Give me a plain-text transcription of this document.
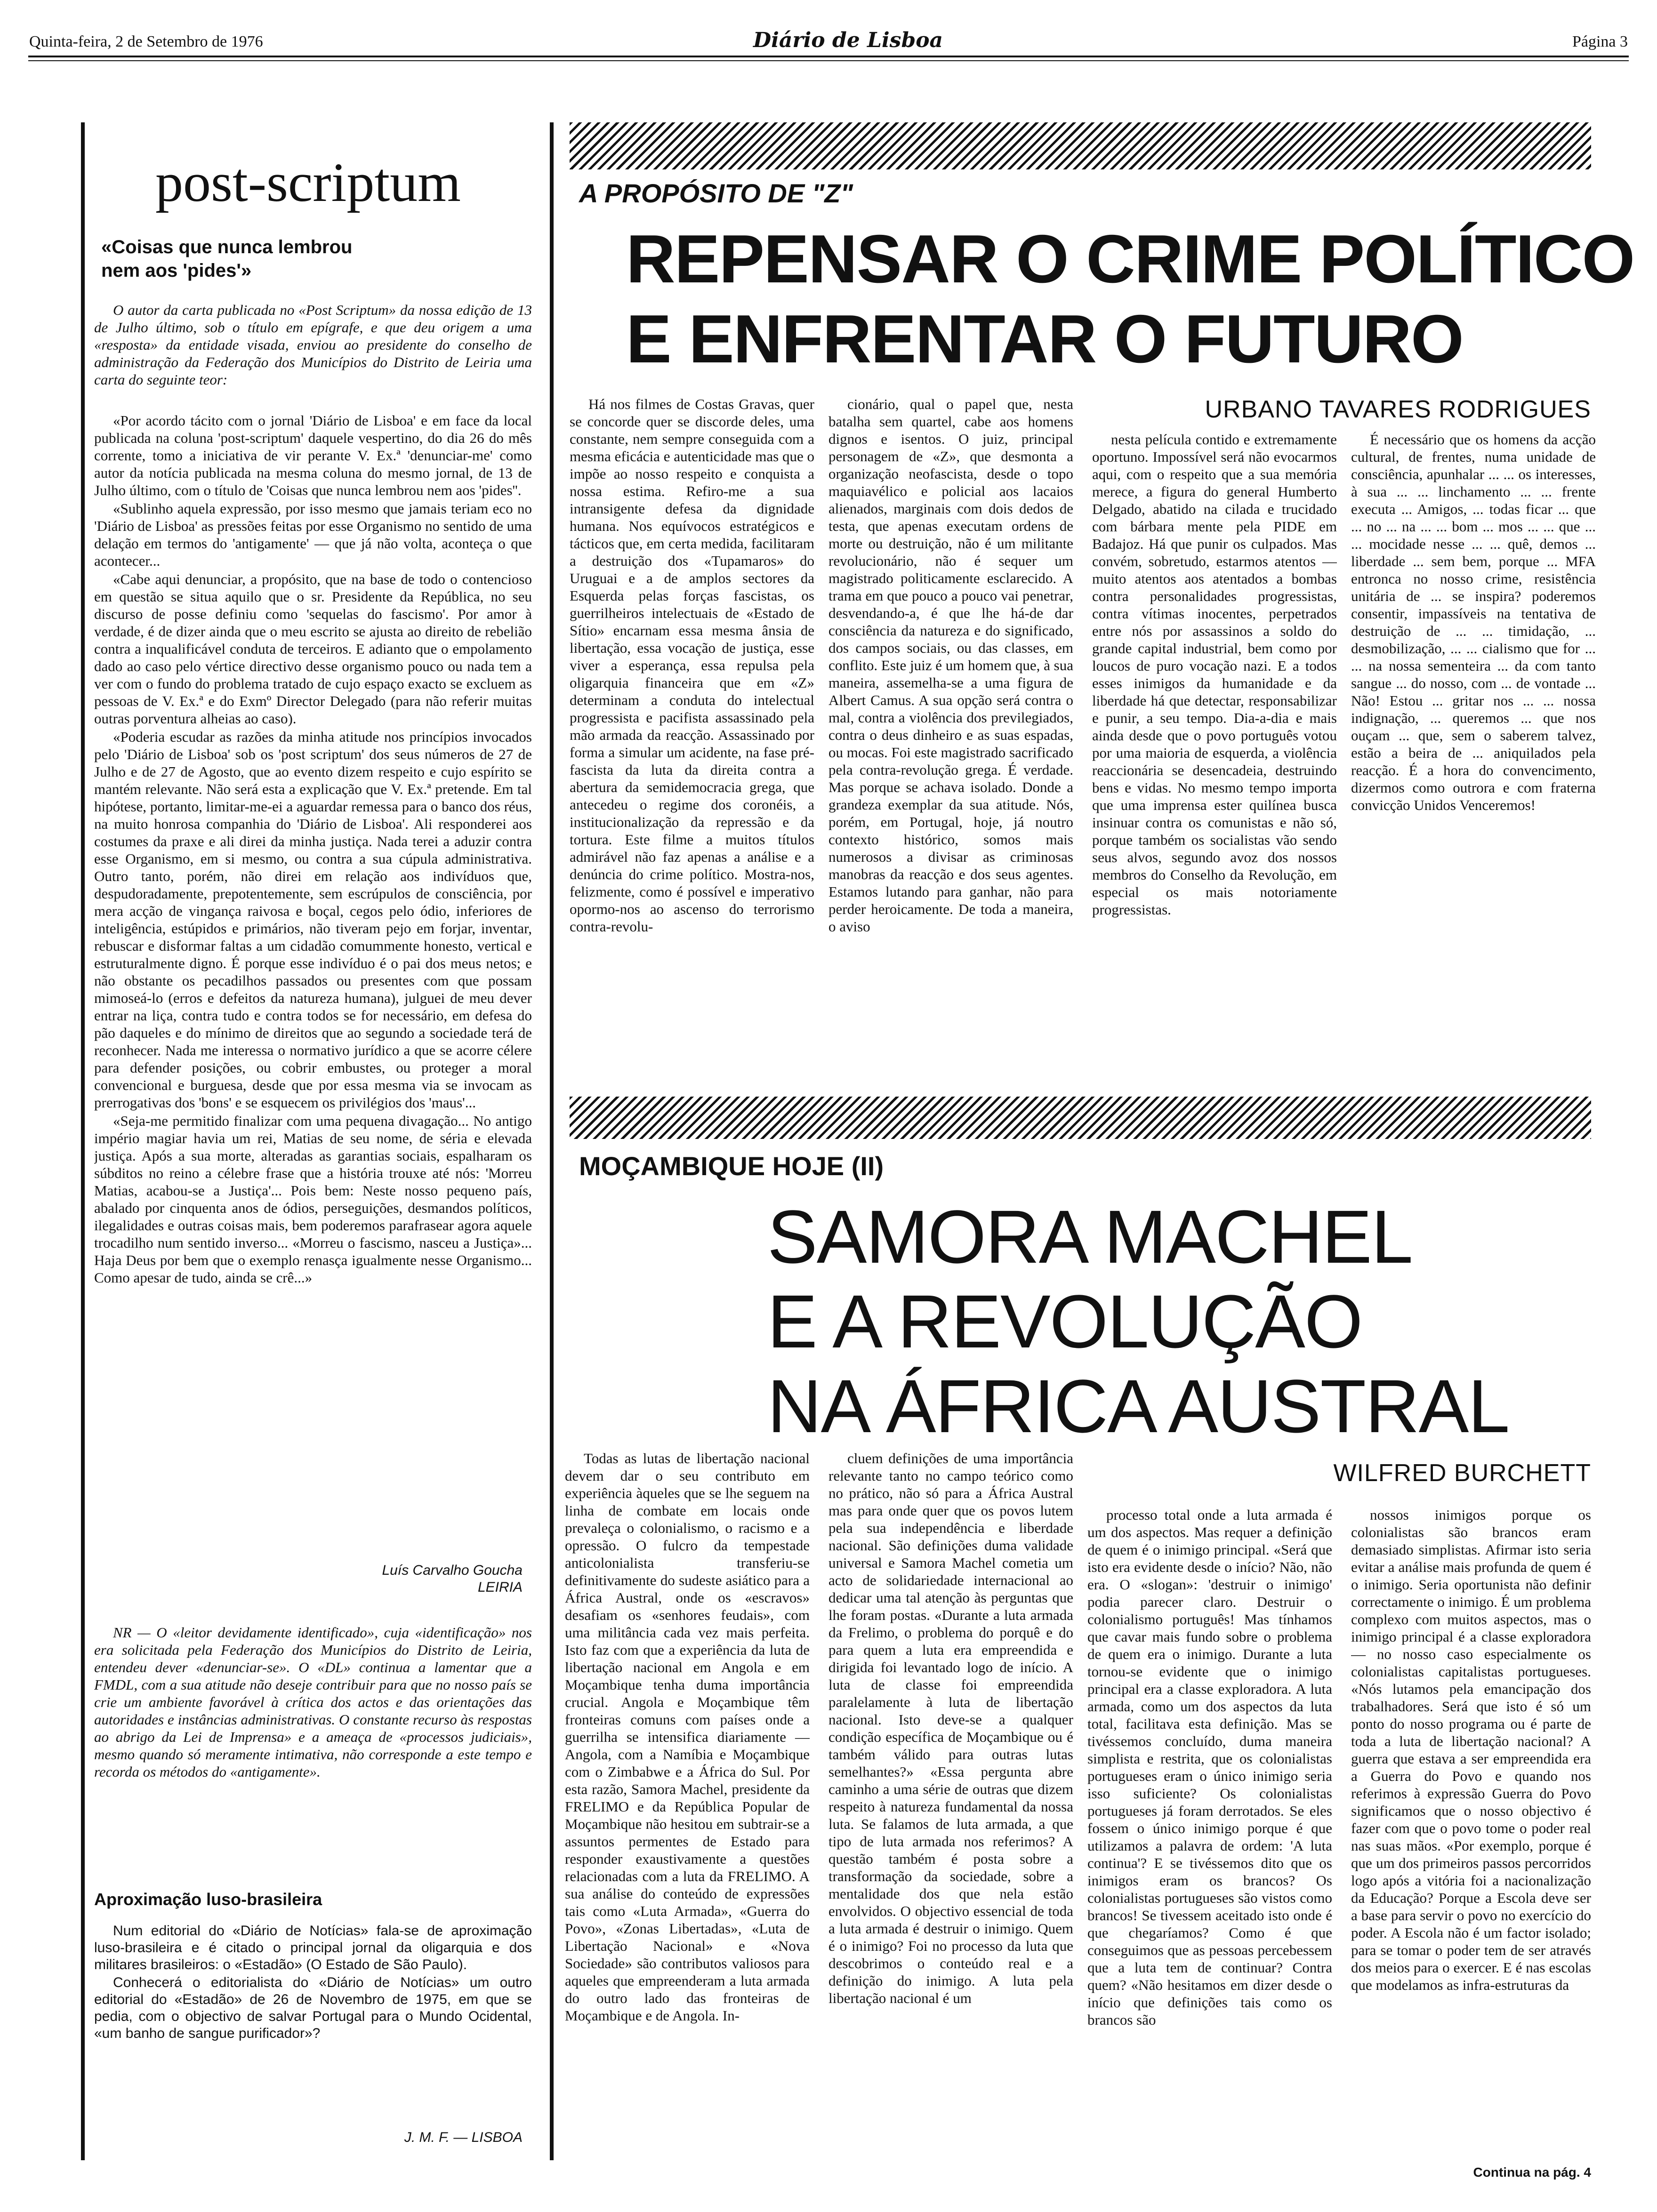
Quinta-feira, 2 de Setembro de 1976	Diário de Lisboa	Página 3
post-scriptum
«Coisas que nunca lembrou nem aos 'pides'»

O autor da carta publicada no «Post Scriptum» da nossa edição de 13 de Julho último, sob o título em epígrafe, e que deu origem a uma «resposta» da entidade visada, enviou ao presidente do conselho de administração da Federação dos Municípios do Distrito de Leiria uma carta do seguinte teor:

«Por acordo tácito com o jornal 'Diário de Lisboa' e em face da local publicada na coluna 'post-scriptum' daquele vespertino, do dia 26 do mês corrente, tomo a iniciativa de vir perante V. Ex.ª 'denunciar-me' como autor da notícia publicada na mesma coluna do mesmo jornal, de 13 de Julho último, com o título de 'Coisas que nunca lembrou nem aos 'pides''.

«Sublinho aquela expressão, por isso mesmo que jamais teriam eco no 'Diário de Lisboa' as pressões feitas por esse Organismo no sentido de uma delação em termos do 'antigamente' — que já não volta, aconteça o que acontecer...

«Cabe aqui denunciar, a propósito, que na base de todo o contencioso em questão se situa aquilo que o sr. Presidente da República, no seu discurso de posse definiu como 'sequelas do fascismo'. Por amor à verdade, é de dizer ainda que o meu escrito se ajusta ao direito de rebelião contra a inqualificável conduta de terceiros. E adianto que o empolamento dado ao caso pelo vértice directivo desse organismo pouco ou nada tem a ver com o fundo do problema tratado de cujo espaço exacto se excluem as pessoas de V. Ex.ª e do Exmº Director Delegado (para não referir muitas outras porventura alheias ao caso).

«Poderia escudar as razões da minha atitude nos princípios invocados pelo 'Diário de Lisboa' sob os 'post scriptum' dos seus números de 27 de Julho e de 27 de Agosto, que ao evento dizem respeito e cujo espírito se mantém relevante. Não será esta a explicação que V. Ex.ª pretende. Em tal hipótese, portanto, limitar-me-ei a aguardar remessa para o banco dos réus, na muito honrosa companhia do 'Diário de Lisboa'. Ali responderei aos costumes da praxe e ali direi da minha justiça. Nada terei a aduzir contra esse Organismo, em si mesmo, ou contra a sua cúpula administrativa. Outro tanto, porém, não direi em relação aos indivíduos que, despudoradamente, prepotentemente, sem escrúpulos de consciência, por mera acção de vingança raivosa e boçal, cegos pelo ódio, inferiores de inteligência, estúpidos e primários, não tiveram pejo em forjar, inventar, rebuscar e disformar faltas a um cidadão comummente honesto, vertical e estruturalmente digno. É porque esse indivíduo é o pai dos meus netos; e não obstante os pecadilhos passados ou presentes com que possam mimoseá-lo (erros e defeitos da natureza humana), julguei de meu dever entrar na liça, contra tudo e contra todos se for necessário, em defesa do pão daqueles e do mínimo de direitos que ao segundo a sociedade terá de reconhecer. Nada me interessa o normativo jurídico a que se acorre célere para defender posições, ou cobrir embustes, ou proteger a moral convencional e burguesa, desde que por essa mesma via se invocam as prerrogativas dos 'bons' e se esquecem os privilégios dos 'maus'...

«Seja-me permitido finalizar com uma pequena divagação... No antigo império magiar havia um rei, Matias de seu nome, de séria e elevada justiça. Após a sua morte, alteradas as garantias sociais, espalharam os súbditos no reino a célebre frase que a história trouxe até nós: 'Morreu Matias, acabou-se a Justiça'... Pois bem: Neste nosso pequeno país, abalado por cinquenta anos de ódios, perseguições, desmandos políticos, ilegalidades e outras coisas mais, bem poderemos parafrasear agora aquele trocadilho num sentido inverso... «Morreu o fascismo, nasceu a Justiça»... Haja Deus por bem que o exemplo renasça igualmente nesse Organismo... Como apesar de tudo, ainda se crê...»

Luís Carvalho Goucha
LEIRIA

NR — O «leitor devidamente identificado», cuja «identificação» nos era solicitada pela Federação dos Municípios do Distrito de Leiria, entendeu dever «denunciar-se». O «DL» continua a lamentar que a FMDL, com a sua atitude não deseje contribuir para que no nosso país se crie um ambiente favorável à crítica dos actos e das orientações das autoridades e instâncias administrativas. O constante recurso às respostas ao abrigo da Lei de Imprensa» e a ameaça de «processos judiciais», mesmo quando só meramente intimativa, não corresponde a este tempo e recorda os métodos do «antigamente».

Aproximação luso-brasileira

Num editorial do «Diário de Notícias» fala-se de aproximação luso-brasileira e é citado o principal jornal da oligarquia e dos militares brasileiros: o «Estadão» (O Estado de São Paulo).

Conhecerá o editorialista do «Diário de Notícias» um outro editorial do «Estadão» de 26 de Novembro de 1975, em que se pedia, com o objectivo de salvar Portugal para o Mundo Ocidental, «um banho de sangue purificador»?

J. M. F. — LISBOA
A PROPÓSITO DE "Z"
REPENSAR O CRIME POLÍTICO
E ENFRENTAR O FUTURO
URBANO TAVARES RODRIGUES

Há nos filmes de Costas Gravas, quer se concorde quer se discorde deles, uma constante, nem sempre conseguida com a mesma eficácia e autenticidade mas que o impõe ao nosso respeito e conquista a nossa estima. Refiro-me a sua intransigente defesa da dignidade humana. Nos equívocos estratégicos e tácticos que, em certa medida, facilitaram a destruição dos «Tupamaros» do Uruguai e a de amplos sectores da Esquerda pelas forças fascistas, os guerrilheiros intelectuais de «Estado de Sítio» encarnam essa mesma ânsia de libertação, essa vocação de justiça, esse viver a esperança, essa repulsa pela oligarquia financeira que em «Z» determinam a conduta do intelectual progressista e pacifista assassinado pela mão armada da reacção. Assassinado por forma a simular um acidente, na fase pré-fascista da luta da direita contra a abertura da semidemocracia grega, que antecedeu o regime dos coronéis, a institucionalização da repressão e da tortura. Este filme a muitos títulos admirável não faz apenas a análise e a denúncia do crime político. Mostra-nos, felizmente, como é possível e imperativo opormo-nos ao ascenso do terrorismo contra-revolu-

cionário, qual o papel que, nesta batalha sem quartel, cabe aos homens dignos e isentos. O juiz, principal personagem de «Z», que desmonta a organização neofascista, desde o topo maquiavélico e policial aos lacaios alienados, marginais com dois dedos de testa, que apenas executam ordens de morte ou destruição, não é um militante revolucionário, não é sequer um magistrado politicamente esclarecido. A trama em que pouco a pouco vai penetrar, desvendando-a, é que lhe há-de dar consciência da natureza e do significado, dos campos sociais, ou das classes, em conflito. Este juiz é um homem que, à sua maneira, assemelha-se a uma figura de Albert Camus. A sua opção será contra o mal, contra a violência dos previlegiados, contra o deus dinheiro e as suas espadas, ou mocas. Foi este magistrado sacrificado pela contra-revolução grega. É verdade. Mas porque se achava isolado. Donde a grandeza exemplar da sua atitude. Nós, porém, em Portugal, hoje, já noutro contexto histórico, somos mais numerosos a divisar as criminosas manobras da reacção e dos seus agentes. Estamos lutando para ganhar, não para perder heroicamente. De toda a maneira, o aviso

nesta película contido e extremamente oportuno. Impossível será não evocarmos aqui, com o respeito que a sua memória merece, a figura do general Humberto Delgado, abatido na cilada e trucidado com bárbara mente pela PIDE em Badajoz. Há que punir os culpados. Mas convém, sobretudo, estarmos atentos — muito atentos aos atentados a bombas contra personalidades progressistas, contra vítimas inocentes, perpetrados entre nós por assassinos a soldo do grande capital industrial, bem como por loucos de puro vocação nazi. E a todos esses inimigos da humanidade e da liberdade há que detectar, responsabilizar e punir, a seu tempo. Dia-a-dia e mais ainda desde que o povo português votou por uma maioria de esquerda, a violência reaccionária se desencadeia, destruindo bens e vidas. No mesmo tempo importa que uma imprensa ester quilínea busca insinuar contra os comunistas e não só, porque também os socialistas vão sendo seus alvos, segundo avoz dos nossos membros do Conselho da Revolução, em especial os mais notoriamente progressistas.

É necessário que os homens da acção cultural, de frentes, numa unidade de consciência, apunhalar ... ... os interesses, à sua ... ... linchamento ... ... frente executa ... Amigos, ... todas ficar ... que ... no ... na ... ... bom ... mos ... ... que ... ... mocidade nesse ... ... quê, demos ... liberdade ... sem bem, porque ... MFA entronca no nosso crime, resistência unitária de ... se inspira? poderemos consentir, impassíveis na tentativa de destruição de ... ... timidação, ... desmobilização, ... ... cialismo que for ... ... na nossa sementeira ... da com tanto sangue ... do nosso, com ... de vontade ... Não! Estou ... gritar nos ... ... nossa indignação, ... queremos ... que nos ouçam ... que, sem o saberem talvez, estão a beira de ... aniquilados pela reacção. É a hora do convencimento, dizermos como outrora e com fraterna convicção Unidos Venceremos!

MOÇAMBIQUE HOJE (II)
SAMORA MACHEL
E A REVOLUÇÃO
NA ÁFRICA AUSTRAL
WILFRED BURCHETT

Todas as lutas de libertação nacional devem dar o seu contributo em experiência àqueles que se lhe seguem na linha de combate em locais onde prevaleça o colonialismo, o racismo e a opressão. O fulcro da tempestade anticolonialista transferiu-se definitivamente do sudeste asiático para a África Austral, onde os «escravos» desafiam os «senhores feudais», com uma militância cada vez mais perfeita. Isto faz com que a experiência da luta de libertação nacional em Angola e em Moçambique tenha duma importância crucial. Angola e Moçambique têm fronteiras comuns com países onde a guerrilha se intensifica diariamente — Angola, com a Namíbia e Moçambique com o Zimbabwe e a África do Sul. Por esta razão, Samora Machel, presidente da FRELIMO e da República Popular de Moçambique não hesitou em subtrair-se a assuntos permentes de Estado para responder exaustivamente a questões relacionadas com a luta da FRELIMO. A sua análise do conteúdo de expressões tais como «Luta Armada», «Guerra do Povo», «Zonas Libertadas», «Luta de Libertação Nacional» e «Nova Sociedade» são contributos valiosos para aqueles que empreenderam a luta armada do outro lado das fronteiras de Moçambique e de Angola. In-

cluem definições de uma importância relevante tanto no campo teórico como no prático, não só para a África Austral mas para onde quer que os povos lutem pela sua independência e liberdade nacional. São definições duma validade universal e Samora Machel cometia um acto de solidariedade internacional ao dedicar uma tal atenção às perguntas que lhe foram postas. «Durante a luta armada da Frelimo, o problema do porquê e do para quem a luta era empreendida e dirigida foi levantado logo de início. A luta de classe foi empreendida paralelamente à luta de libertação nacional. Isto deve-se a qualquer condição específica de Moçambique ou é também válido para outras lutas semelhantes?» «Essa pergunta abre caminho a uma série de outras que dizem respeito à natureza fundamental da nossa luta. Se falamos de luta armada, a que tipo de luta armada nos referimos? A questão também é posta sobre a transformação da sociedade, sobre a mentalidade dos que nela estão envolvidos. O objectivo essencial de toda a luta armada é destruir o inimigo. Quem é o inimigo? Foi no processo da luta que descobrimos o conteúdo real e a definição do inimigo. A luta pela libertação nacional é um

processo total onde a luta armada é um dos aspectos. Mas requer a definição de quem é o inimigo principal. «Será que isto era evidente desde o início? Não, não era. O «slogan»: 'destruir o inimigo' podia parecer claro. Destruir o colonialismo português! Mas tínhamos que cavar mais fundo sobre o problema de quem era o inimigo. Durante a luta tornou-se evidente que o inimigo principal era a classe exploradora. A luta armada, como um dos aspectos da luta total, facilitava esta definição. Mas se tivéssemos concluído, duma maneira simplista e restrita, que os colonialistas portugueses eram o único inimigo seria isso suficiente? Os colonialistas portugueses já foram derrotados. Se eles fossem o único inimigo porque é que utilizamos a palavra de ordem: 'A luta continua'? E se tivéssemos dito que os inimigos eram os brancos? Os colonialistas portugueses são vistos como brancos! Se tivessem aceitado isto onde é que chegaríamos? Como é que conseguimos que as pessoas percebessem que a luta tem de continuar? Contra quem? «Não hesitamos em dizer desde o início que definições tais como os brancos são

nossos inimigos porque os colonialistas são brancos eram demasiado simplistas. Afirmar isto seria evitar a análise mais profunda de quem é o inimigo. Seria oportunista não definir correctamente o inimigo. É um problema complexo com muitos aspectos, mas o inimigo principal é a classe exploradora — no nosso caso especialmente os colonialistas capitalistas portugueses. «Nós lutamos pela emancipação dos trabalhadores. Será que isto é só um ponto do nosso programa ou é parte de toda a luta de libertação nacional? A guerra que estava a ser empreendida era a Guerra do Povo e quando nos referimos à expressão Guerra do Povo significamos que o nosso objectivo é fazer com que o povo tome o poder real nas suas mãos. «Por exemplo, porque é que um dos primeiros passos percorridos logo após a vitória foi a nacionalização da Educação? Porque a Escola deve ser a base para servir o povo no exercício do poder. A Escola não é um factor isolado; para se tomar o poder tem de ser através dos meios para o exercer. E é nas escolas que modelamos as infra-estruturas da

Continua na pág. 4
